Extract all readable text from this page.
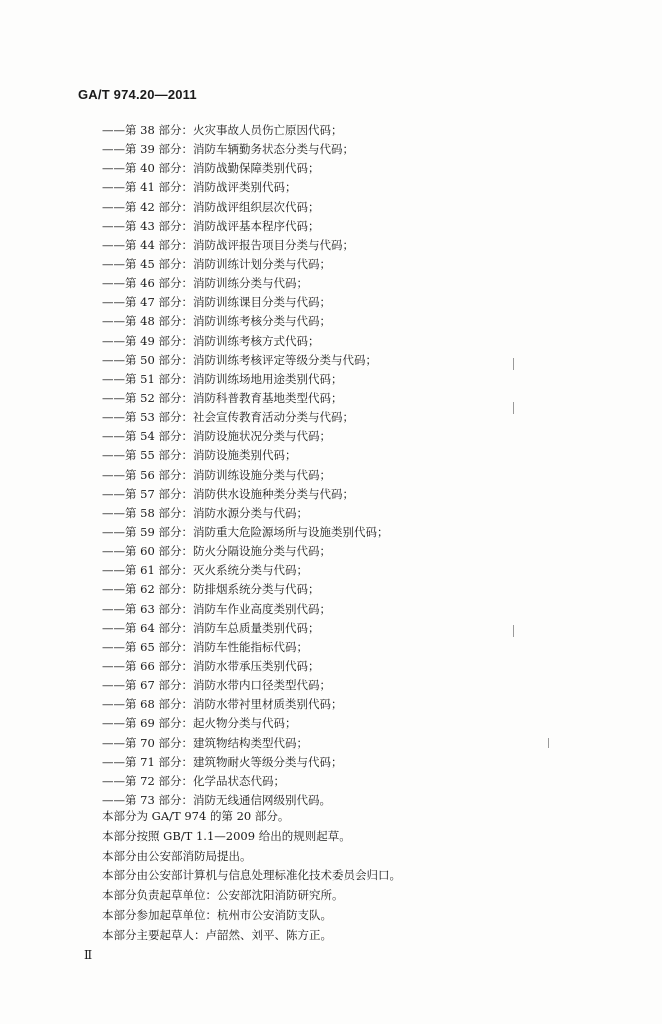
GA/T 974.20—2011
——第 38 部分：火灾事故人员伤亡原因代码；
——第 39 部分：消防车辆勤务状态分类与代码；
——第 40 部分：消防战勤保障类别代码；
——第 41 部分：消防战评类别代码；
——第 42 部分：消防战评组织层次代码；
——第 43 部分：消防战评基本程序代码；
——第 44 部分：消防战评报告项目分类与代码；
——第 45 部分：消防训练计划分类与代码；
——第 46 部分：消防训练分类与代码；
——第 47 部分：消防训练课目分类与代码；
——第 48 部分：消防训练考核分类与代码；
——第 49 部分：消防训练考核方式代码；
——第 50 部分：消防训练考核评定等级分类与代码；
——第 51 部分：消防训练场地用途类别代码；
——第 52 部分：消防科普教育基地类型代码；
——第 53 部分：社会宣传教育活动分类与代码；
——第 54 部分：消防设施状况分类与代码；
——第 55 部分：消防设施类别代码；
——第 56 部分：消防训练设施分类与代码；
——第 57 部分：消防供水设施种类分类与代码；
——第 58 部分：消防水源分类与代码；
——第 59 部分：消防重大危险源场所与设施类别代码；
——第 60 部分：防火分隔设施分类与代码；
——第 61 部分：灭火系统分类与代码；
——第 62 部分：防排烟系统分类与代码；
——第 63 部分：消防车作业高度类别代码；
——第 64 部分：消防车总质量类别代码；
——第 65 部分：消防车性能指标代码；
——第 66 部分：消防水带承压类别代码；
——第 67 部分：消防水带内口径类型代码；
——第 68 部分：消防水带衬里材质类别代码；
——第 69 部分：起火物分类与代码；
——第 70 部分：建筑物结构类型代码；
——第 71 部分：建筑物耐火等级分类与代码；
——第 72 部分：化学品状态代码；
——第 73 部分：消防无线通信网级别代码。
本部分为 GA/T 974 的第 20 部分。
本部分按照 GB/T 1.1—2009 给出的规则起草。
本部分由公安部消防局提出。
本部分由公安部计算机与信息处理标准化技术委员会归口。
本部分负责起草单位：公安部沈阳消防研究所。
本部分参加起草单位：杭州市公安消防支队。
本部分主要起草人：卢韶然、刘平、陈方正。
Ⅱ
